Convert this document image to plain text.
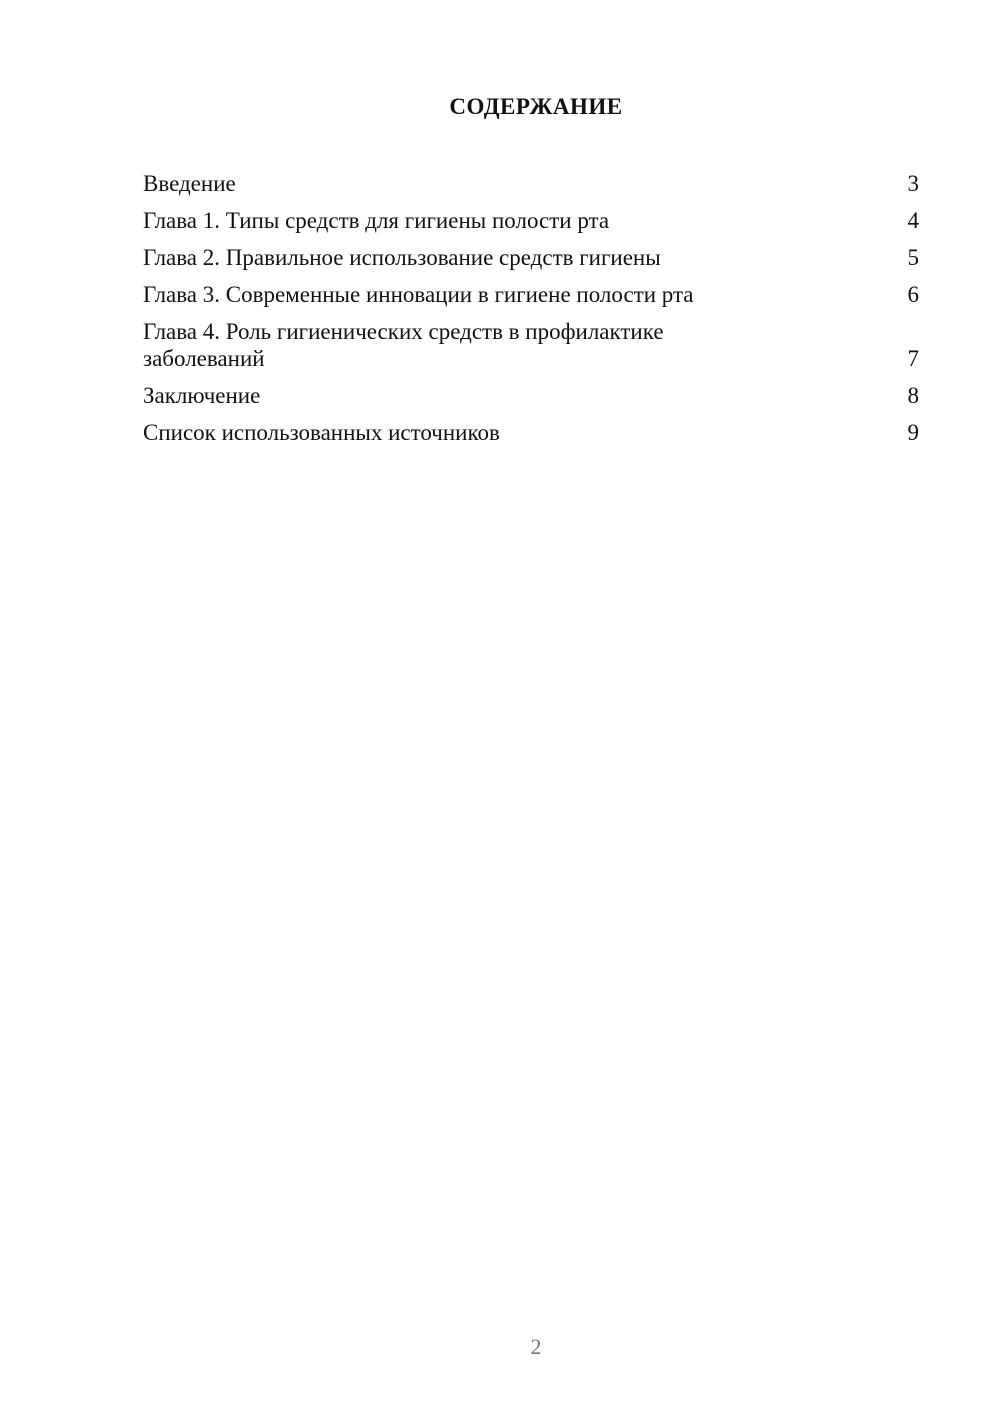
СОДЕРЖАНИЕ
Введение	3
Глава 1. Типы средств для гигиены полости рта	4
Глава 2. Правильное использование средств гигиены	5
Глава 3. Современные инновации в гигиене полости рта	6
Глава 4. Роль гигиенических средств в профилактике заболеваний	7
Заключение	8
Список использованных источников	9
2
